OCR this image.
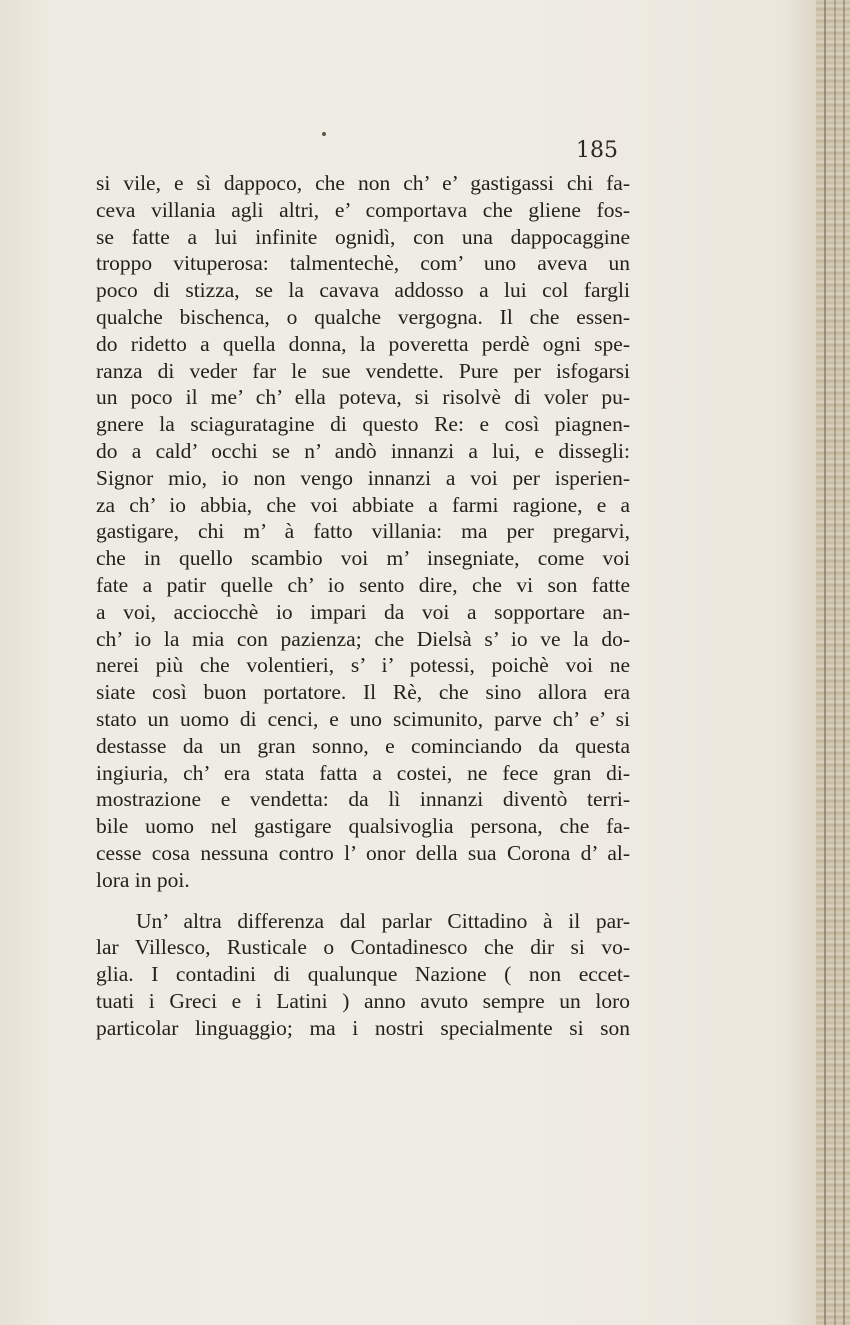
185
si vile, e sì dappoco, che non ch’ e’ gastigassi chi fa-
ceva villania agli altri, e’ comportava che gliene fos-
se fatte a lui infinite ognidì, con una dappocaggine
troppo vituperosa: talmentechè, com’ uno aveva un
poco di stizza, se la cavava addosso a lui col fargli
qualche bischenca, o qualche vergogna. Il che essen-
do ridetto a quella donna, la poveretta perdè ogni spe-
ranza di veder far le sue vendette. Pure per isfogarsi
un poco il me’ ch’ ella poteva, si risolvè di voler pu-
gnere la sciaguratagine di questo Re: e così piagnen-
do a cald’ occhi se n’ andò innanzi a lui, e dissegli:
Signor mio, io non vengo innanzi a voi per isperien-
za ch’ io abbia, che voi abbiate a farmi ragione, e a
gastigare, chi m’ à fatto villania: ma per pregarvi,
che in quello scambio voi m’ insegniate, come voi
fate a patir quelle ch’ io sento dire, che vi son fatte
a voi, acciocchè io impari da voi a sopportare an-
ch’ io la mia con pazienza; che Dielsà s’ io ve la do-
nerei più che volentieri, s’ i’ potessi, poichè voi ne
siate così buon portatore. Il Rè, che sino allora era
stato un uomo di cenci, e uno scimunito, parve ch’ e’ si
destasse da un gran sonno, e cominciando da questa
ingiuria, ch’ era stata fatta a costei, ne fece gran di-
mostrazione e vendetta: da lì innanzi diventò terri-
bile uomo nel gastigare qualsivoglia persona, che fa-
cesse cosa nessuna contro l’ onor della sua Corona d’ al-
lora in poi.
Un’ altra differenza dal parlar Cittadino à il par-
lar Villesco, Rusticale o Contadinesco che dir si vo-
glia. I contadini di qualunque Nazione ( non eccet-
tuati i Greci e i Latini ) anno avuto sempre un loro
particolar linguaggio; ma i nostri specialmente si son
